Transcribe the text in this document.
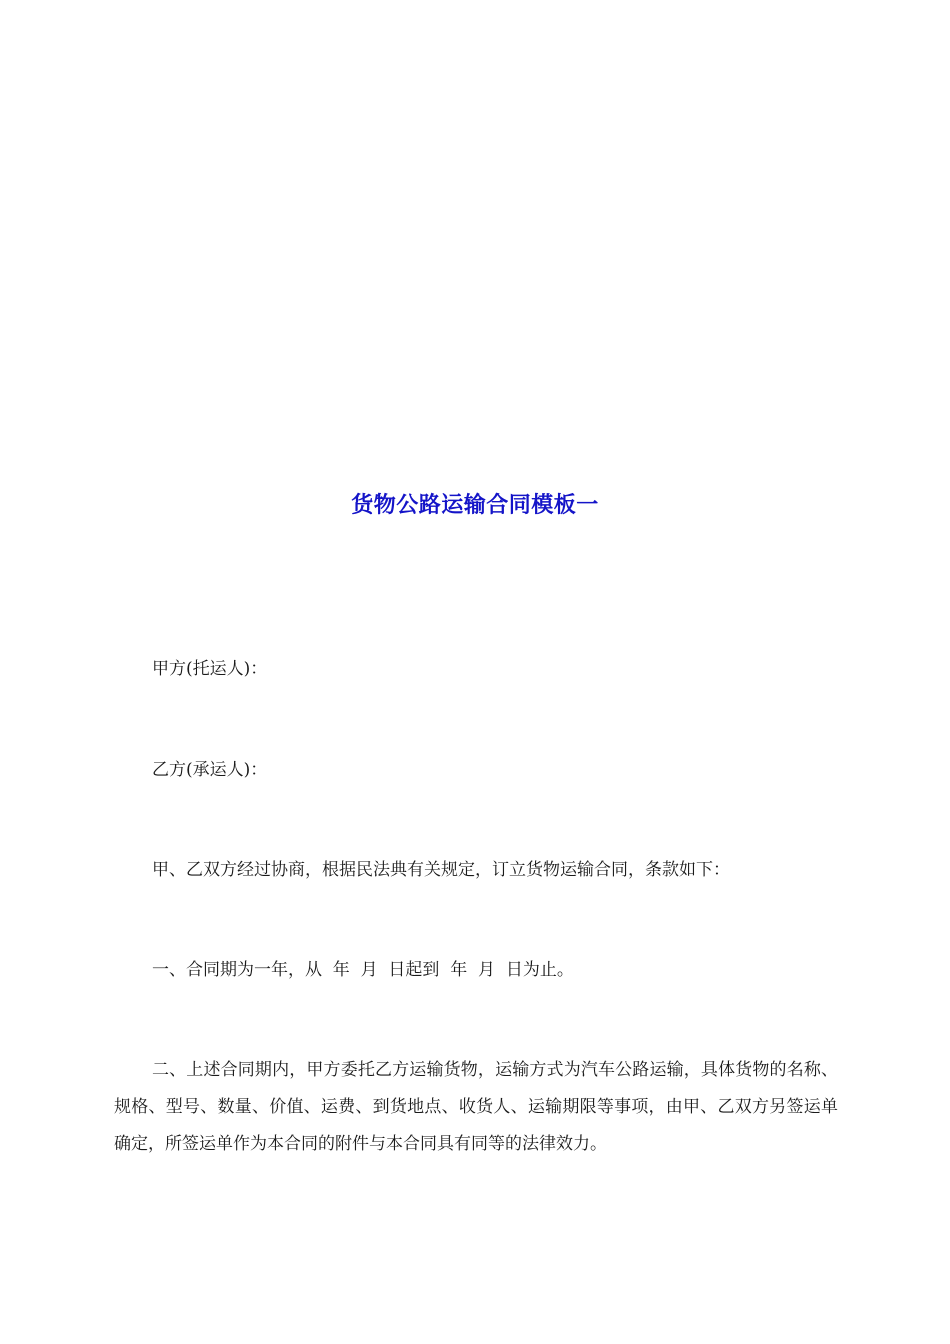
货物公路运输合同模板一

甲方(托运人)：

乙方(承运人)：

甲、乙双方经过协商，根据民法典有关规定，订立货物运输合同，条款如下：

一、合同期为一年，从  年  月  日起到  年  月  日为止。

二、上述合同期内，甲方委托乙方运输货物，运输方式为汽车公路运输，具体货物的名称、规格、型号、数量、价值、运费、到货地点、收货人、运输期限等事项，由甲、乙双方另签运单确定，所签运单作为本合同的附件与本合同具有同等的法律效力。
